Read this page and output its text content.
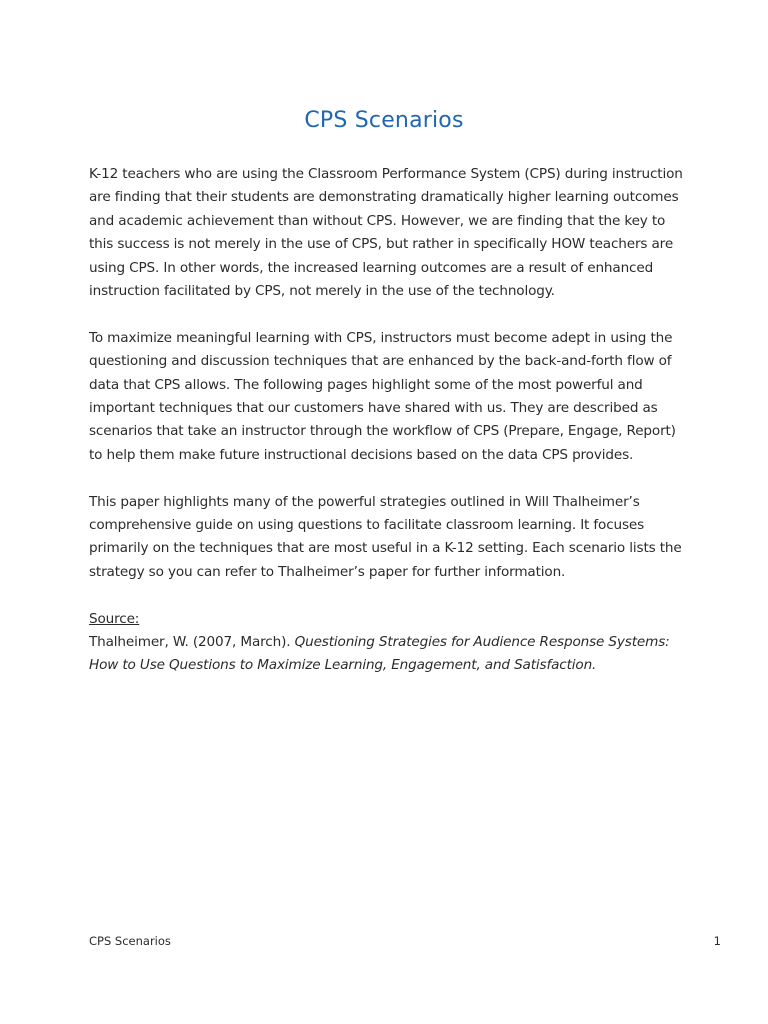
CPS Scenarios

K-12 teachers who are using the Classroom Performance System (CPS) during instruction are finding that their students are demonstrating dramatically higher learning outcomes and academic achievement than without CPS. However, we are finding that the key to this success is not merely in the use of CPS, but rather in specifically HOW teachers are using CPS. In other words, the increased learning outcomes are a result of enhanced instruction facilitated by CPS, not merely in the use of the technology.

To maximize meaningful learning with CPS, instructors must become adept in using the questioning and discussion techniques that are enhanced by the back-and-forth flow of data that CPS allows. The following pages highlight some of the most powerful and important techniques that our customers have shared with us. They are described as scenarios that take an instructor through the workflow of CPS (Prepare, Engage, Report) to help them make future instructional decisions based on the data CPS provides.

This paper highlights many of the powerful strategies outlined in Will Thalheimer’s comprehensive guide on using questions to facilitate classroom learning. It focuses primarily on the techniques that are most useful in a K-12 setting. Each scenario lists the strategy so you can refer to Thalheimer’s paper for further information.

Source:

Thalheimer, W. (2007, March). Questioning Strategies for Audience Response Systems: How to Use Questions to Maximize Learning, Engagement, and Satisfaction.

CPS Scenarios	1
